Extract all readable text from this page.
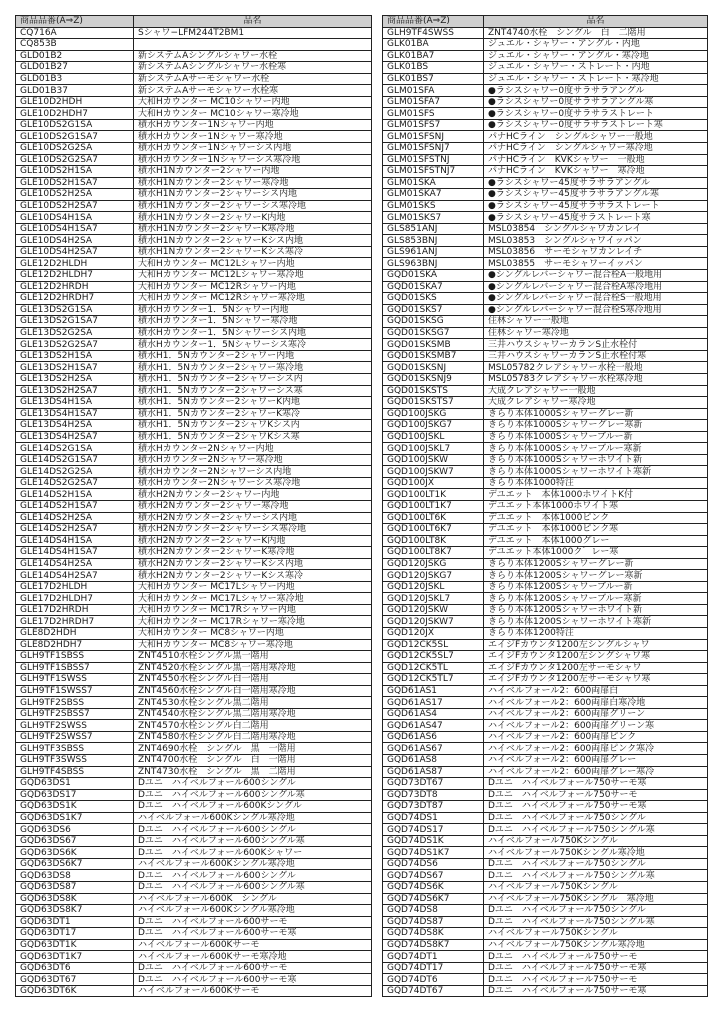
商品品番(A⇒Z)	品名
CQ716A	Sシャワ−LFM244T2BM1
CQ853B	
GLD01B2	新システムAシングルシャワー水栓
GLD01B27	新システムAシングルシャワー水栓寒
GLD01B3	新システムAサーモシャワー水栓
GLD01B37	新システムAサーモシャワー水栓寒
GLE10D2HDH	大和Hカウンター MC10シャワー内地
GLE10D2HDH7	大和Hカウンター MC10シャワー寒冷地
GLE10DS2G1SA	積水Hカウンター1Nシャワー内地
GLE10DS2G1SA7	積水Hカウンター1Nシャワー寒冷地
GLE10DS2G2SA	積水Hカウンター1Nシャワーシス内地
GLE10DS2G2SA7	積水Hカウンター1Nシャワーシス寒冷地
GLE10DS2H1SA	積水H1Nカウンター2シャワー内地
GLE10DS2H1SA7	積水H1Nカウンター2シャワー寒冷地
GLE10DS2H2SA	積水H1Nカウンター2シャワーシス内地
GLE10DS2H2SA7	積水H1Nカウンター2シャワーシス寒冷地
GLE10DS4H1SA	積水H1Nカウンター2シャワーK内地
GLE10DS4H1SA7	積水H1Nカウンター2シャワーK寒冷地
GLE10DS4H2SA	積水H1Nカウンター2シャワーKシス内地
GLE10DS4H2SA7	積水H1Nカウンター2シャワーKシス寒冷
GLE12D2HLDH	大和Hカウンター MC12Lシャワー内地
GLE12D2HLDH7	大和Hカウンター MC12Lシャワー寒冷地
GLE12D2HRDH	大和Hカウンター MC12Rシャワー内地
GLE12D2HRDH7	大和Hカウンター MC12Rシャワー寒冷地
GLE13DS2G1SA	積水Hカウンター1．5Nシャワー内地
GLE13DS2G1SA7	積水Hカウンター1．5Nシャワー寒冷地
GLE13DS2G2SA	積水Hカウンター1．5Nシャワーシス内地
GLE13DS2G2SA7	積水Hカウンター1．5Nシャワーシス寒冷
GLE13DS2H1SA	積水H1．5Nカウンター2シャワー内地
GLE13DS2H1SA7	積水H1．5Nカウンター2シャワー寒冷地
GLE13DS2H2SA	積水H1．5Nカウンター2シャワーシス内
GLE13DS2H2SA7	積水H1．5Nカウンター2シャワーシス寒
GLE13DS4H1SA	積水H1．5Nカウンター2シャワーK内地
GLE13DS4H1SA7	積水H1．5Nカウンター2シャワーK寒冷
GLE13DS4H2SA	積水H1．5Nカウンター2シャワKシス内
GLE13DS4H2SA7	積水H1．5Nカウンター2シャワKシス寒
GLE14DS2G1SA	積水Hカウンター2Nシャワー内地
GLE14DS2G1SA7	積水Hカウンター2Nシャワー寒冷地
GLE14DS2G2SA	積水Hカウンター2Nシャワーシス内地
GLE14DS2G2SA7	積水Hカウンター2Nシャワーシス寒冷地
GLE14DS2H1SA	積水H2Nカウンター2シャワー内地
GLE14DS2H1SA7	積水H2Nカウンター2シャワー寒冷地
GLE14DS2H2SA	積水H2Nカウンター2シャワーシス内地
GLE14DS2H2SA7	積水H2Nカウンター2シャワーシス寒冷地
GLE14DS4H1SA	積水H2Nカウンター2シャワーK内地
GLE14DS4H1SA7	積水H2Nカウンター2シャワーK寒冷地
GLE14DS4H2SA	積水H2Nカウンター2シャワーKシス内地
GLE14DS4H2SA7	積水H2Nカウンター2シャワーKシス寒冷
GLE17D2HLDH	大和Hカウンター MC17Lシャワー内地
GLE17D2HLDH7	大和Hカウンター MC17Lシャワー寒冷地
GLE17D2HRDH	大和Hカウンター MC17Rシャワー内地
GLE17D2HRDH7	大和Hカウンター MC17Rシャワー寒冷地
GLE8D2HDH	大和Hカウンター MC8シャワー内地
GLE8D2HDH7	大和Hカウンター MC8シャワー寒冷地
GLH9TF1SBSS	ZNT4510水栓シングル黒一階用
GLH9TF1SBSS7	ZNT4520水栓シングル黒一階用寒冷地
GLH9TF1SWSS	ZNT4550水栓シングル白一階用
GLH9TF1SWSS7	ZNT4560水栓シングル白一階用寒冷地
GLH9TF2SBSS	ZNT4530水栓シングル黒二階用
GLH9TF2SBSS7	ZNT4540水栓シングル黒二階用寒冷地
GLH9TF2SWSS	ZNT4570水栓シングル白二階用
GLH9TF2SWSS7	ZNT4580水栓シングル白二階用寒冷地
GLH9TF3SBSS	ZNT4690水栓　シングル　黒　一階用
GLH9TF3SWSS	ZNT4700水栓　シングル　白　一階用
GLH9TF4SBSS	ZNT4730水栓　シングル　黒　二階用
GQD63DS1	Dユニ　ハイベルフォール600シングル
GQD63DS17	Dユニ　ハイベルフォール600シングル寒
GQD63DS1K	Dユニ　ハイベルフォール600Kシングル
GQD63DS1K7	ハイベルフォール600Kシングル寒冷地
GQD63DS6	Dユニ　ハイベルフォール600シングル
GQD63DS67	Dユニ　ハイベルフォール600シングル寒
GQD63DS6K	Dユニ　ハイベルフォール600Kシャワー
GQD63DS6K7	ハイベルフォール600Kシングル寒冷地
GQD63DS8	Dユニ　ハイベルフォール600シングル
GQD63DS87	Dユニ　ハイベルフォール600シングル寒
GQD63DS8K	ハイベルフォール600K　シングル
GQD63DS8K7	ハイベルフォール600Kシングル寒冷地
GQD63DT1	Dユニ　ハイベルフォール600サーモ
GQD63DT17	Dユニ　ハイベルフォール600サーモ寒
GQD63DT1K	ハイベルフォール600Kサーモ
GQD63DT1K7	ハイベルフォール600Kサーモ寒冷地
GQD63DT6	Dユニ　ハイベルフォール600サーモ
GQD63DT67	Dユニ　ハイベルフォール600サーモ寒
GQD63DT6K	ハイベルフォール600Kサーモ
商品品番(A⇒Z)	品名
GLH9TF4SWSS	ZNT4740水栓　シングル　白　二階用
GLK01BA	ジュエル・シャワー・アングル・内地
GLK01BA7	ジュエル・シャワー・アングル・寒冷地
GLK01BS	ジュエル・シャワー・ストレート・内地
GLK01BS7	ジュエル・シャワー・ストレート・寒冷地
GLM01SFA	●ラシスシャワー0度サラサラアングル
GLM01SFA7	●ラシスシャワー0度サラサラアングル寒
GLM01SFS	●ラシスシャワー0度サラサラストレート
GLM01SFS7	●ラシスシャワー0度サラサラストレート寒
GLM01SFSNJ	パナHCライン　シングルシャワー一般地
GLM01SFSNJ7	パナHCライン　シングルシャワー寒冷地
GLM01SFSTNJ	パナHCライン　KVKシャワー　一般地
GLM01SFSTNJ7	パナHCライン　KVKシャワー　寒冷地
GLM01SKA	●ラシスシャワー45度サラサラアングル
GLM01SKA7	●ラシスシャワー45度サラサラアングル寒
GLM01SKS	●ラシスシャワー45度サラサラストレート
GLM01SKS7	●ラシスシャワー45度サラストレート寒
GLS851ANJ	MSL03854　シングルシャワカンレイ
GLS853BNJ	MSL03853　シングルシャワイッパン
GLS961ANJ	MSL03856　サーモシャワカンレイチ
GLS963BNJ	MSL03855　サーモシャワーイッパン
GQD01SKA	●シングルレバーシャワー混合栓A一般地用
GQD01SKA7	●シングルレバーシャワー混合栓A寒冷地用
GQD01SKS	●シングルレバーシャワー混合栓S一般地用
GQD01SKS7	●シングルレバーシャワー混合栓S寒冷地用
GQD01SKSG	住林シャワー一般地
GQD01SKSG7	住林シャワー寒冷地
GQD01SKSMB	三井ハウスシャワーカランS止水栓付
GQD01SKSMB7	三井ハウスシャワーカランS止水栓付寒
GQD01SKSNJ	MSL05782クレアシャワー水栓一般地
GQD01SKSNJ9	MSL05783クレアシャワー水栓寒冷地
GQD01SKSTS	大成クレアシャワー一般地
GQD01SKSTS7	大成クレアシャワー寒冷地
GQD100JSKG	きらり本体1000Sシャワーグレー新
GQD100JSKG7	きらり本体1000Sシャワーグレー寒新
GQD100JSKL	きらり本体1000Sシャワーブルー新
GQD100JSKL7	きらり本体1000Sシャワーブルー寒新
GQD100JSKW	きらり本体1000Sシャワーホワイト新
GQD100JSKW7	きらり本体1000Sシャワーホワイト寒新
GQD100JX	きらり本体1000特注
GQD100LT1K	デユエット　本体1000ホワイトK付
GQD100LT1K7	デユエット本体1000ホワイト寒
GQD100LT6K	デユエット　本体1000ピンク
GQD100LT6K7	デユエット　本体1000ピンク寒
GQD100LT8K	デユエット　本体1000グレー
GQD100LT8K7	デユエット本体1000ク゛レー寒
GQD120JSKG	きらり本体1200Sシャワーグレー新
GQD120JSKG7	きらり本体1200Sシャワーグレー寒新
GQD120JSKL	きらり本体1200Sシャワーブルー新
GQD120JSKL7	きらり本体1200Sシャワーブルー寒新
GQD120JSKW	きらり本体1200Sシャワーホワイト新
GQD120JSKW7	きらり本体1200Sシャワーホワイト寒新
GQD120JX	きらり本体1200特注
GQD12CK5SL	エイジFカウンタ1200左シングルシャワ
GQD12CK5SL7	エイジFカウンタ1200左シングシャワ寒
GQD12CK5TL	エイジFカウンタ1200左サーモシャワ
GQD12CK5TL7	エイジFカウンタ1200左サーモシャワ寒
GQD61AS1	ハイベルフォール2：600両扉白
GQD61AS17	ハイベルフォール2：600両扉白寒冷地
GQD61AS4	ハイベルフォール2：600両扉グリーン
GQD61AS47	ハイベルフォール2：600両扉グリーン寒
GQD61AS6	ハイベルフォール2：600両扉ピンク
GQD61AS67	ハイベルフォール2：600両扉ピンク寒冷
GQD61AS8	ハイベルフォール2：600両扉グレー
GQD61AS87	ハイベルフォール2：600両扉グレー寒冷
GQD73DT67	Dユニ　ハイベルフォール750サーモ寒
GQD73DT8	Dユニ　ハイベルフォール750サーモ
GQD73DT87	Dユニ　ハイベルフォール750サーモ寒
GQD74DS1	Dユニ　ハイベルフォール750シングル
GQD74DS17	Dユニ　ハイベルフォール750シングル寒
GQD74DS1K	ハイベルフォール750Kシングル
GQD74DS1K7	ハイベルフォール750Kシングル寒冷地
GQD74DS6	Dユニ　ハイベルフォール750シングル
GQD74DS67	Dユニ　ハイベルフォール750シングル寒
GQD74DS6K	ハイベルフォール750Kシングル
GQD74DS6K7	ハイベルフォール750Kシングル　寒冷地
GQD74DS8	Dユニ　ハイベルフォール750シングル
GQD74DS87	Dユニ　ハイベルフォール750シングル寒
GQD74DS8K	ハイベルフォール750Kシングル
GQD74DS8K7	ハイベルフォール750Kシングル寒冷地
GQD74DT1	Dユニ　ハイベルフォール750サーモ
GQD74DT17	Dユニ　ハイベルフォール750サーモ寒
GQD74DT6	Dユニ　ハイベルフォール750サーモ
GQD74DT67	Dユニ　ハイベルフォール750サーモ寒
